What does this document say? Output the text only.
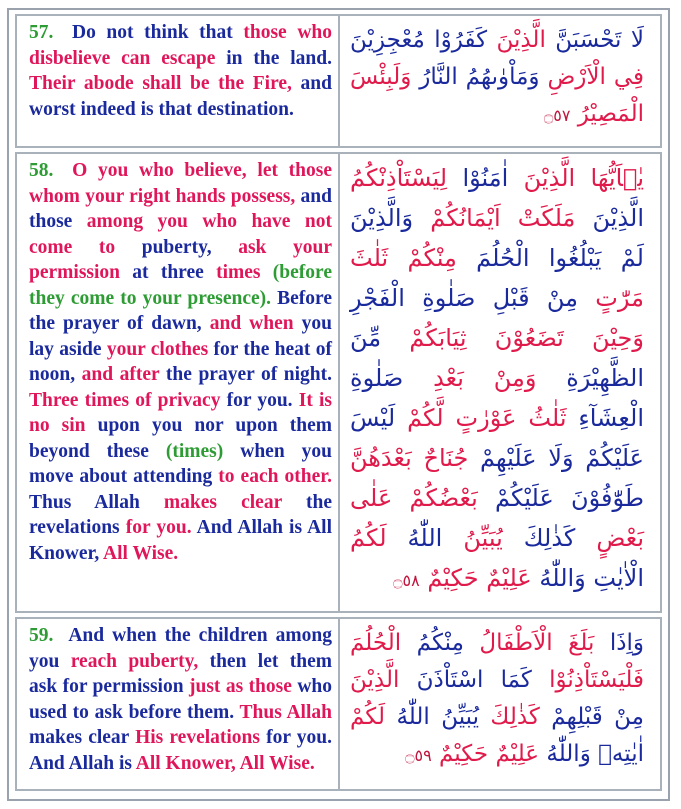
57. Do not think that those who disbelieve can escape in the land. Their abode shall be the Fire, and worst indeed is that destination.
لَا تَحْسَبَنَّ الَّذِيْنَ كَفَرُوْا مُعْجِزِيْنَ فِي الْاَرْضِ وَمَاْوٰىهُمُ النَّارُ وَلَبِئْسَ الْمَصِيْرُ ۝٥٧
58. O you who believe, let those whom your right hands possess, and those among you who have not come to puberty, ask your permission at three times (before they come to your presence). Before the prayer of dawn, and when you lay aside your clothes for the heat of noon, and after the prayer of night. Three times of privacy for you. It is no sin upon you nor upon them beyond these (times) when you move about attending to each other. Thus Allah makes clear the revelations for you. And Allah is All Knower, All Wise.
يٰۤاَيُّهَا الَّذِيْنَ اٰمَنُوْا لِيَسْتَاْذِنْكُمُ الَّذِيْنَ مَلَكَتْ اَيْمَانُكُمْ وَالَّذِيْنَ لَمْ يَبْلُغُوا الْحُلُمَ مِنْكُمْ ثَلٰثَ مَرّٰتٍ مِنْ قَبْلِ صَلٰوةِ الْفَجْرِ وَحِيْنَ تَضَعُوْنَ ثِيَابَكُمْ مِّنَ الظَّهِيْرَةِ وَمِنْ بَعْدِ صَلٰوةِ الْعِشَآءِ ثَلٰثُ عَوْرٰتٍ لَّكُمْ لَيْسَ عَلَيْكُمْ وَلَا عَلَيْهِمْ جُنَاحٌ بَعْدَهُنَّ طَوّٰفُوْنَ عَلَيْكُمْ بَعْضُكُمْ عَلٰى بَعْضٍ كَذٰلِكَ يُبَيِّنُ اللّٰهُ لَكُمُ الْاٰيٰتِ وَاللّٰهُ عَلِيْمٌ حَكِيْمٌ ۝٥٨
59. And when the children among you reach puberty, then let them ask for permission just as those who used to ask before them. Thus Allah makes clear His revelations for you. And Allah is All Knower, All Wise.
وَاِذَا بَلَغَ الْاَطْفَالُ مِنْكُمُ الْحُلُمَ فَلْيَسْتَاْذِنُوْا كَمَا اسْتَاْذَنَ الَّذِيْنَ مِنْ قَبْلِهِمْ كَذٰلِكَ يُبَيِّنُ اللّٰهُ لَكُمْ اٰيٰتِهٖ وَاللّٰهُ عَلِيْمٌ حَكِيْمٌ ۝٥٩
